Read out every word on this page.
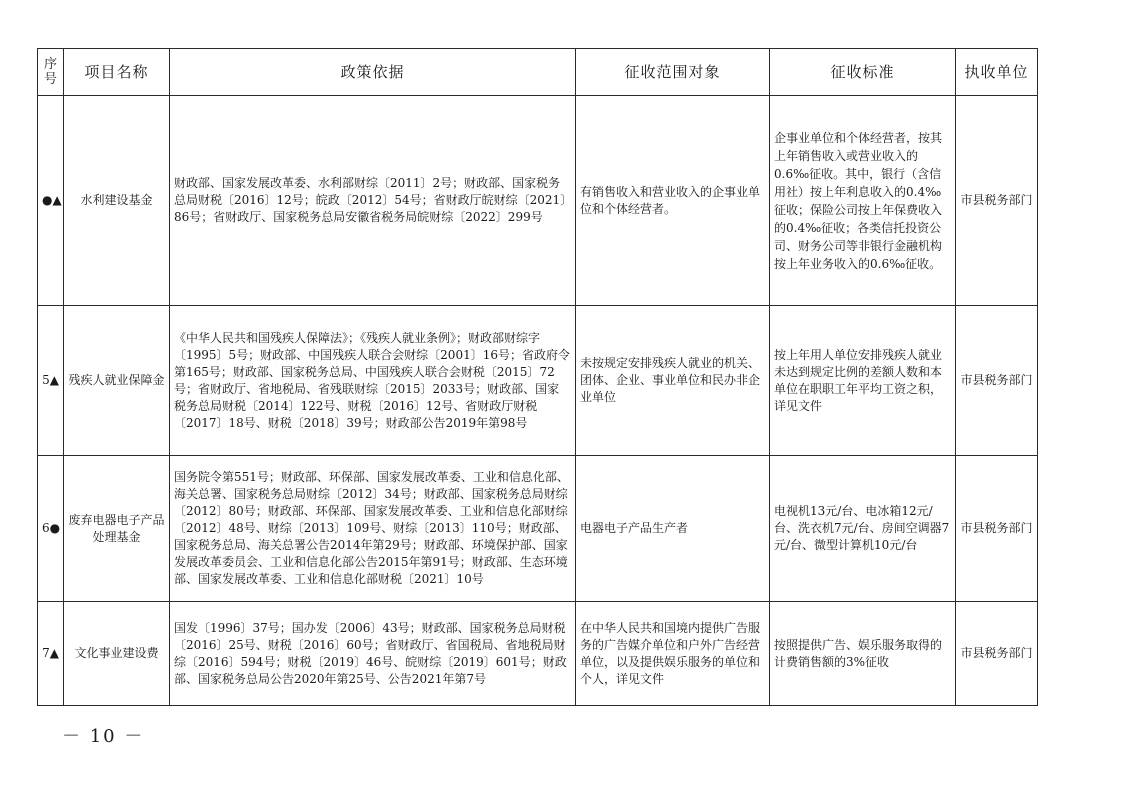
序号	项目名称	政策依据	征收范围对象	征收标准	执收单位
●▲	水利建设基金	财政部、国家发展改革委、水利部财综〔2011〕2号；财政部、国家税务总局财税〔2016〕12号；皖政〔2012〕54号；省财政厅皖财综〔2021〕86号；省财政厅、国家税务总局安徽省税务局皖财综〔2022〕299号	有销售收入和营业收入的企事业单位和个体经营者。	企事业单位和个体经营者，按其上年销售收入或营业收入的0.6‰征收。其中，银行（含信用社）按上年利息收入的0.4‰征收；保险公司按上年保费收入的0.4‰征收；各类信托投资公司、财务公司等非银行金融机构按上年业务收入的0.6‰征收。	市县税务部门
5▲	残疾人就业保障金	《中华人民共和国残疾人保障法》；《残疾人就业条例》；财政部财综字〔1995〕5号；财政部、中国残疾人联合会财综〔2001〕16号；省政府令第165号；财政部、国家税务总局、中国残疾人联合会财税〔2015〕72号；省财政厅、省地税局、省残联财综〔2015〕2033号；财政部、国家税务总局财税〔2014〕122号、财税〔2016〕12号、省财政厅财税〔2017〕18号、财税〔2018〕39号；财政部公告2019年第98号	未按规定安排残疾人就业的机关、团体、企业、事业单位和民办非企业单位	按上年用人单位安排残疾人就业未达到规定比例的差额人数和本单位在职职工年平均工资之积，详见文件	市县税务部门
6●	废弃电器电子产品处理基金	国务院令第551号；财政部、环保部、国家发展改革委、工业和信息化部、海关总署、国家税务总局财综〔2012〕34号；财政部、国家税务总局财综〔2012〕80号；财政部、环保部、国家发展改革委、工业和信息化部财综〔2012〕48号、财综〔2013〕109号、财综〔2013〕110号；财政部、国家税务总局、海关总署公告2014年第29号；财政部、环境保护部、国家发展改革委员会、工业和信息化部公告2015年第91号；财政部、生态环境部、国家发展改革委、工业和信息化部财税〔2021〕10号	电器电子产品生产者	电视机13元/台、电冰箱12元/台、洗衣机7元/台、房间空调器7元/台、微型计算机10元/台	市县税务部门
7▲	文化事业建设费	国发〔1996〕37号；国办发〔2006〕43号；财政部、国家税务总局财税〔2016〕25号、财税〔2016〕60号；省财政厅、省国税局、省地税局财综〔2016〕594号；财税〔2019〕46号、皖财综〔2019〕601号；财政部、国家税务总局公告2020年第25号、公告2021年第7号	在中华人民共和国境内提供广告服务的广告媒介单位和户外广告经营单位，以及提供娱乐服务的单位和个人，详见文件	按照提供广告、娱乐服务取得的计费销售额的3%征收	市县税务部门
－ 10 －
